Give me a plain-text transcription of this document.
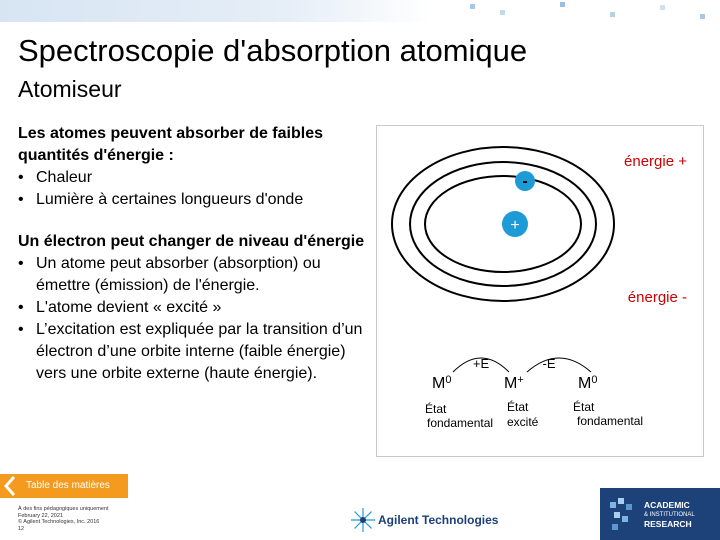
Spectroscopie d'absorption atomique
Atomiseur
Les atomes peuvent absorber de faibles quantités d'énergie :
• Chaleur
• Lumière à certaines longueurs d'onde
Un électron peut changer de niveau d'énergie
• Un atome peut absorber (absorption) ou émettre (émission) de l'énergie.
• L'atome devient « excité »
• L’excitation est expliquée par la transition d’un électron d’une orbite interne (faible énergie) vers une orbite externe (haute énergie).
-
+
énergie +
énergie -
+E	-E
$M^0$	M+	$M^0$
État
fondamental
État
excité
État
fondamental
Table des matières
À des fins pédagogiques uniquement
February 22, 2021
© Agilent Technologies, Inc. 2016
12
Agilent Technologies
ACADEMIC
& INSTITUTIONAL
RESEARCH
